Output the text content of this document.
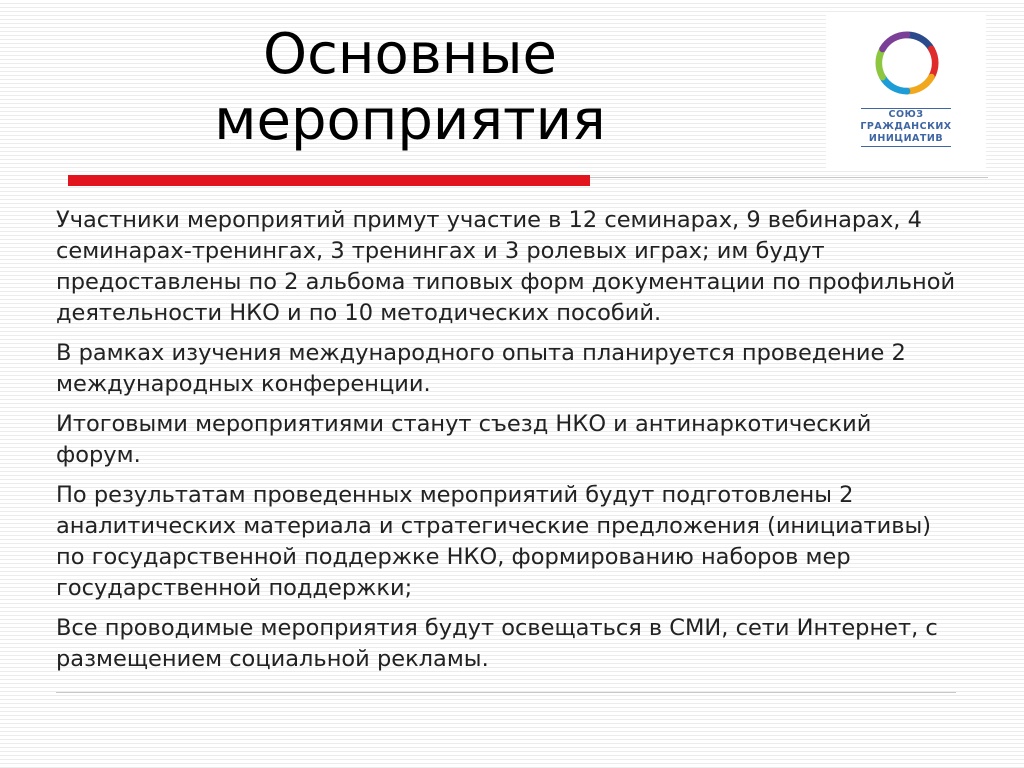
Основные
мероприятия	СОЮЗ
ГРАЖДАНСКИХ
ИНИЦИАТИВ

Участники мероприятий примут участие в 12 семинарах, 9 вебинарах, 4 семинарах-тренингах, 3 тренингах и 3 ролевых играх; им будут предоставлены по 2 альбома типовых форм документации по профильной деятельности НКО и по 10 методических пособий.

В рамках изучения международного опыта планируется проведение 2 международных конференции.

Итоговыми мероприятиями станут съезд НКО и антинаркотический форум.

По результатам проведенных мероприятий будут подготовлены 2 аналитических материала и стратегические предложения (инициативы) по государственной поддержке НКО, формированию наборов мер государственной поддержки;

Все проводимые мероприятия будут освещаться в СМИ, сети Интернет, с размещением социальной рекламы.
